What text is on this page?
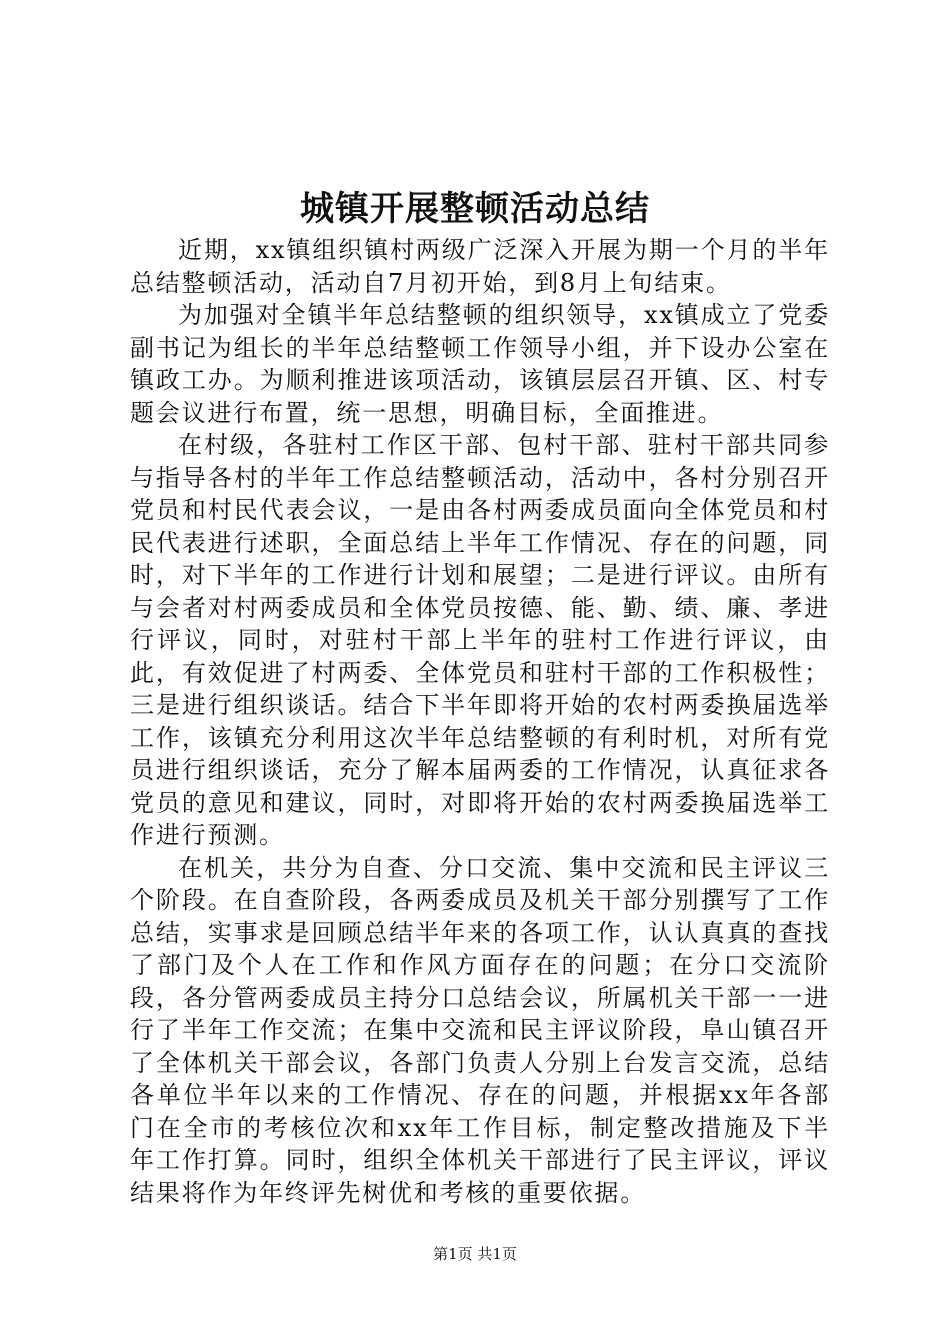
城镇开展整顿活动总结

近期，xx镇组织镇村两级广泛深入开展为期一个月的半年总结整顿活动，活动自7月初开始，到8月上旬结束。

为加强对全镇半年总结整顿的组织领导，xx镇成立了党委副书记为组长的半年总结整顿工作领导小组，并下设办公室在镇政工办。为顺利推进该项活动，该镇层层召开镇、区、村专题会议进行布置，统一思想，明确目标，全面推进。

在村级，各驻村工作区干部、包村干部、驻村干部共同参与指导各村的半年工作总结整顿活动，活动中，各村分别召开党员和村民代表会议，一是由各村两委成员面向全体党员和村民代表进行述职，全面总结上半年工作情况、存在的问题，同时，对下半年的工作进行计划和展望；二是进行评议。由所有与会者对村两委成员和全体党员按德、能、勤、绩、廉、孝进行评议，同时，对驻村干部上半年的驻村工作进行评议，由此，有效促进了村两委、全体党员和驻村干部的工作积极性；三是进行组织谈话。结合下半年即将开始的农村两委换届选举工作，该镇充分利用这次半年总结整顿的有利时机，对所有党员进行组织谈话，充分了解本届两委的工作情况，认真征求各党员的意见和建议，同时，对即将开始的农村两委换届选举工作进行预测。

在机关，共分为自查、分口交流、集中交流和民主评议三个阶段。在自查阶段，各两委成员及机关干部分别撰写了工作总结，实事求是回顾总结半年来的各项工作，认认真真的查找了部门及个人在工作和作风方面存在的问题；在分口交流阶段，各分管两委成员主持分口总结会议，所属机关干部一一进行了半年工作交流；在集中交流和民主评议阶段，阜山镇召开了全体机关干部会议，各部门负责人分别上台发言交流，总结各单位半年以来的工作情况、存在的问题，并根据xx年各部门在全市的考核位次和xx年工作目标，制定整改措施及下半年工作打算。同时，组织全体机关干部进行了民主评议，评议结果将作为年终评先树优和考核的重要依据。

第1页 共1页
